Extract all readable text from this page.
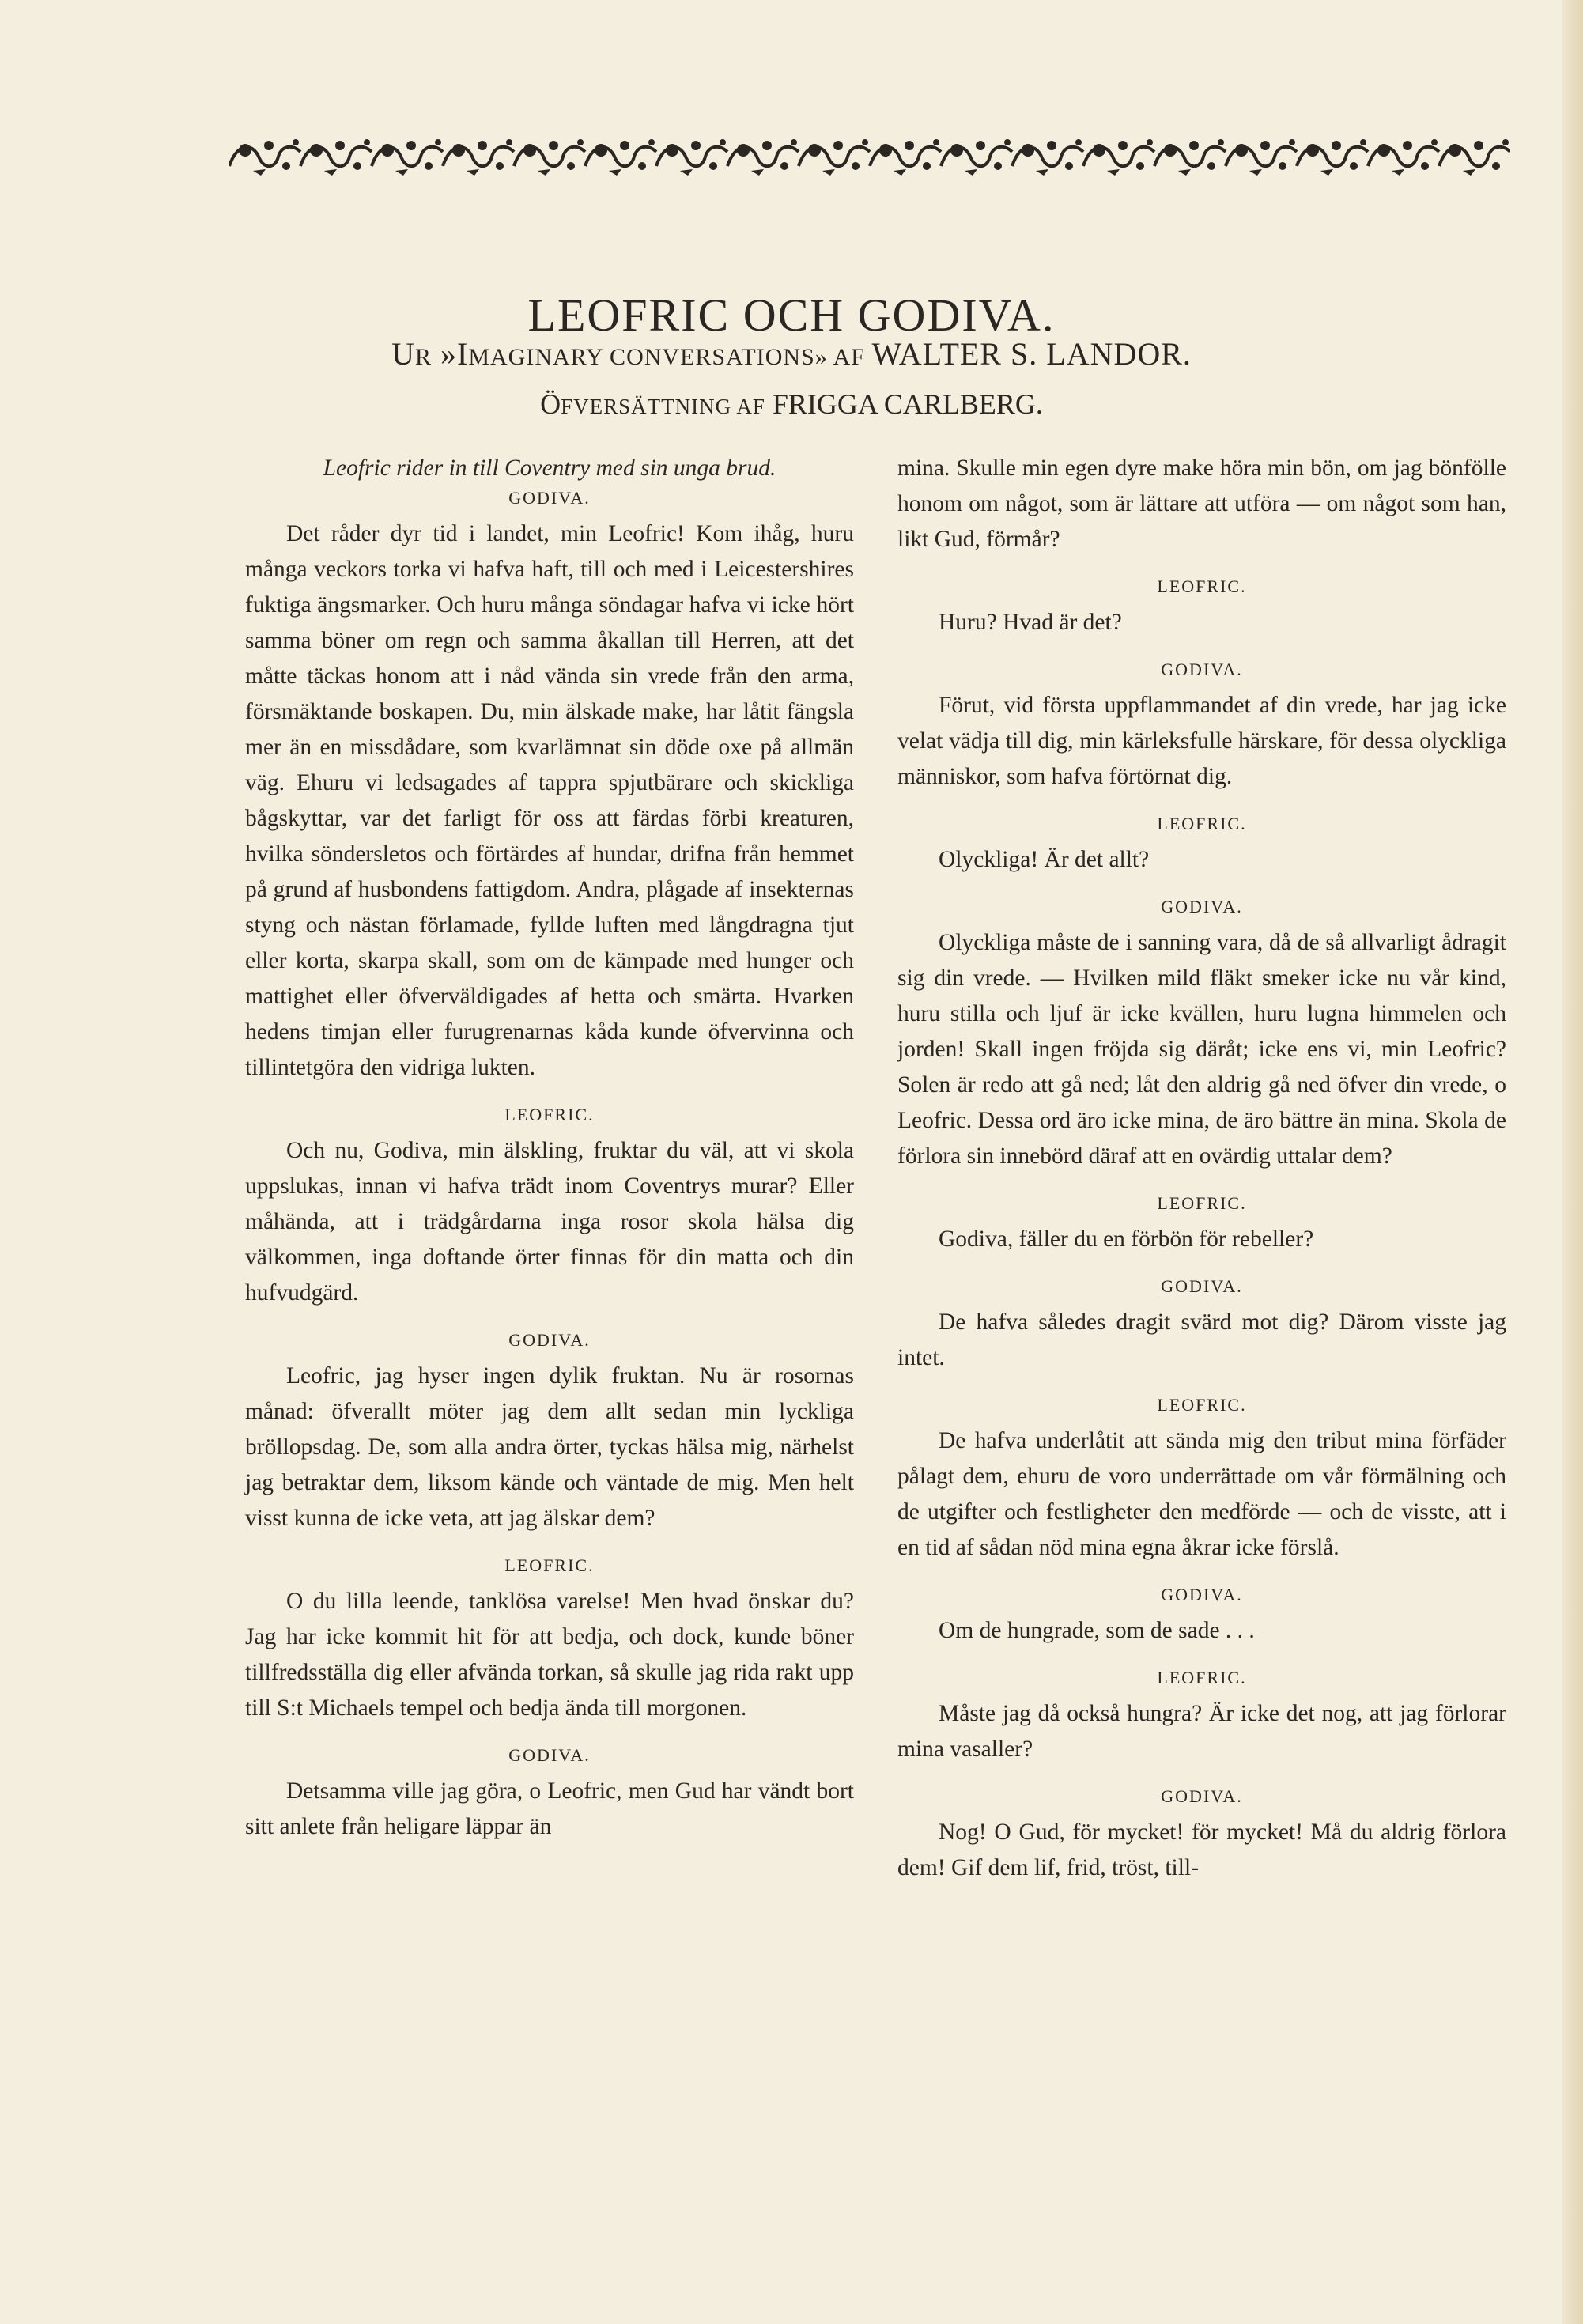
LEOFRIC OCH GODIVA.
UR »IMAGINARY CONVERSATIONS» AF WALTER S. LANDOR.
ÖFVERSÄTTNING AF FRIGGA CARLBERG.

Leofric rider in till Coventry med sin unga brud.

GODIVA.

Det råder dyr tid i landet, min Leofric! Kom ihåg, huru många veckors torka vi hafva haft, till och med i Leicestershires fuktiga ängsmarker. Och huru många söndagar hafva vi icke hört samma böner om regn och samma åkallan till Herren, att det måtte täckas honom att i nåd vända sin vrede från den arma, försmäktande boskapen. Du, min älskade make, har låtit fängsla mer än en missdådare, som kvarlämnat sin döde oxe på allmän väg. Ehuru vi ledsagades af tappra spjutbärare och skickliga bågskyttar, var det farligt för oss att färdas förbi kreaturen, hvilka söndersletos och förtärdes af hundar, drifna från hemmet på grund af husbondens fattigdom. Andra, plågade af insekternas styng och nästan förlamade, fyllde luften med långdragna tjut eller korta, skarpa skall, som om de kämpade med hunger och mattighet eller öfverväldigades af hetta och smärta. Hvarken hedens timjan eller furugrenarnas kåda kunde öfvervinna och tillintetgöra den vidriga lukten.

LEOFRIC.

Och nu, Godiva, min älskling, fruktar du väl, att vi skola uppslukas, innan vi hafva trädt inom Coventrys murar? Eller måhända, att i trädgårdarna inga rosor skola hälsa dig välkommen, inga doftande örter finnas för din matta och din hufvudgärd.

GODIVA.

Leofric, jag hyser ingen dylik fruktan. Nu är rosornas månad: öfverallt möter jag dem allt sedan min lyckliga bröllopsdag. De, som alla andra örter, tyckas hälsa mig, närhelst jag betraktar dem, liksom kände och väntade de mig. Men helt visst kunna de icke veta, att jag älskar dem?

LEOFRIC.

O du lilla leende, tanklösa varelse! Men hvad önskar du? Jag har icke kommit hit för att bedja, och dock, kunde böner tillfredsställa dig eller afvända torkan, så skulle jag rida rakt upp till S:t Michaels tempel och bedja ända till morgonen.

GODIVA.

Detsamma ville jag göra, o Leofric, men Gud har vändt bort sitt anlete från heligare läppar än

mina. Skulle min egen dyre make höra min bön, om jag bönfölle honom om något, som är lättare att utföra — om något som han, likt Gud, förmår?

LEOFRIC.

Huru? Hvad är det?

GODIVA.

Förut, vid första uppflammandet af din vrede, har jag icke velat vädja till dig, min kärleksfulle härskare, för dessa olyckliga människor, som hafva förtörnat dig.

LEOFRIC.

Olyckliga! Är det allt?

GODIVA.

Olyckliga måste de i sanning vara, då de så allvarligt ådragit sig din vrede. — Hvilken mild fläkt smeker icke nu vår kind, huru stilla och ljuf är icke kvällen, huru lugna himmelen och jorden! Skall ingen fröjda sig däråt; icke ens vi, min Leofric? Solen är redo att gå ned; låt den aldrig gå ned öfver din vrede, o Leofric. Dessa ord äro icke mina, de äro bättre än mina. Skola de förlora sin innebörd däraf att en ovärdig uttalar dem?

LEOFRIC.

Godiva, fäller du en förbön för rebeller?

GODIVA.

De hafva således dragit svärd mot dig? Därom visste jag intet.

LEOFRIC.

De hafva underlåtit att sända mig den tribut mina förfäder pålagt dem, ehuru de voro underrättade om vår förmälning och de utgifter och festligheter den medförde — och de visste, att i en tid af sådan nöd mina egna åkrar icke förslå.

GODIVA.

Om de hungrade, som de sade . . .

LEOFRIC.

Måste jag då också hungra? Är icke det nog, att jag förlorar mina vasaller?

GODIVA.

Nog! O Gud, för mycket! för mycket! Må du aldrig förlora dem! Gif dem lif, frid, tröst, till-
